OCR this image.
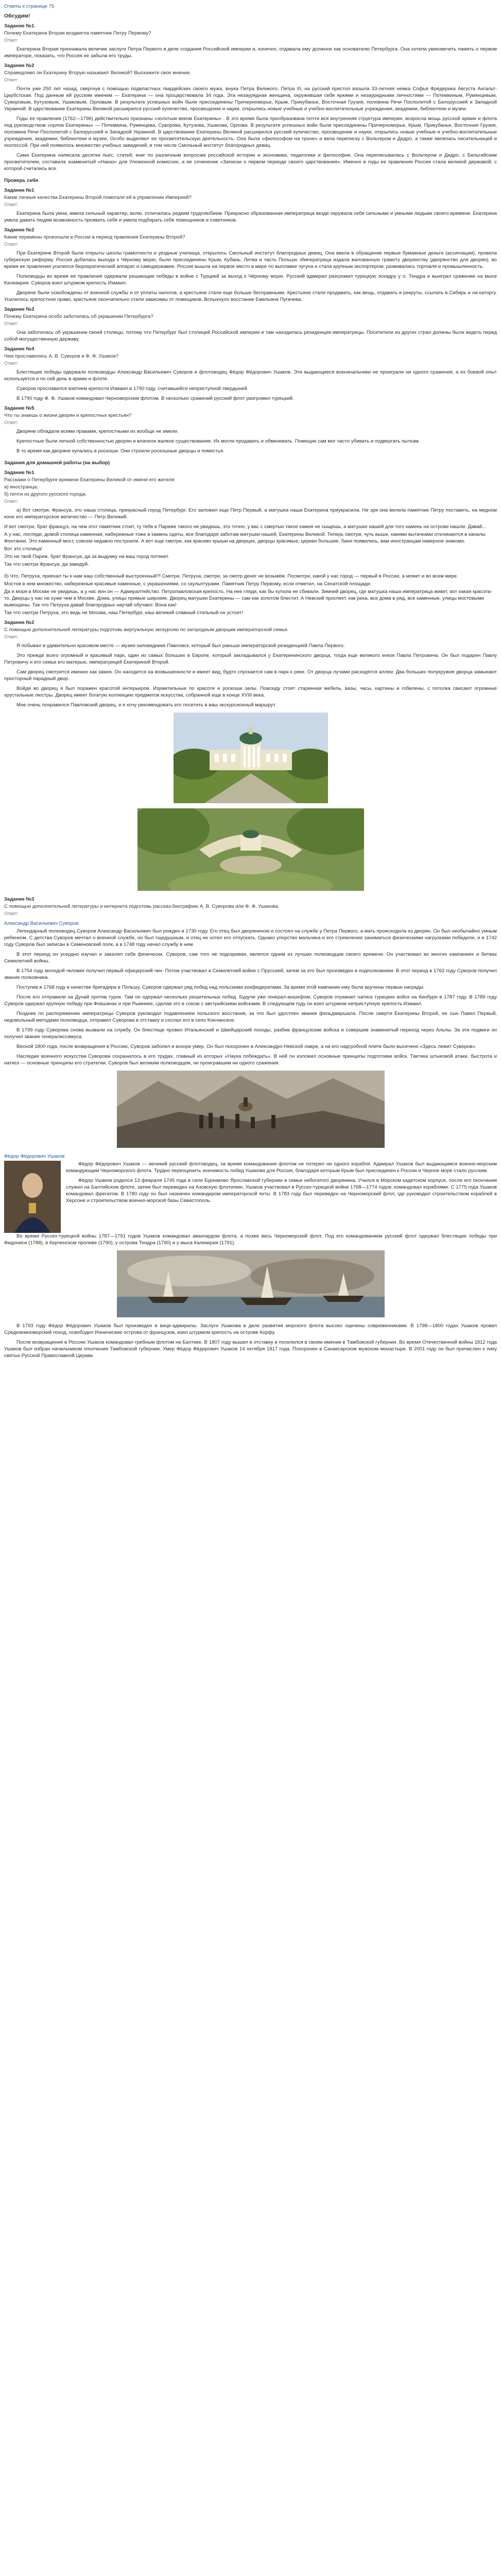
Ответы к странице 75
Обсудим!
Задание №1
Почему Екатерина Вторая воздвигла памятник Петру Первому?
Ответ:

Екатерина Вторая признавала величие заслуги Петра Первого в деле создания Российской империи и, конечно, отдавала ему должное как основателю Петербурга. Она хотела увековечить память о первом императоре, показать, что Россия не забыла его труды.

Задание №2
Справедливо ли Екатерину Вторую называют Великой? Выскажите свое мнение.
Ответ:

Почти уже 250 лет назад, свергнув с помощью подвластных гвардейских своего мужа, внука Петра Великого, Петра III, на русский престол взошла 33-летняя немка Софья Фредерика Августа Ангальт-Цербстская. Под данным ей русским именем — Екатерина — она процарствовала 34 года. Эта незаурядная женщина, окружившая себя яркими и незаурядными личностями — Потемкиным, Румянцевым, Суворовым, Кутузовым, Ушаковым, Орловым. В результате успешных войн были присоединены Причерноморье, Крым, Прикубанье, Восточная Грузия, половина Речи Посполитой с Белоруссией и Западной Украиной. В царствование Екатерины Великой расширился русский купечество, просвещение и науки, открылись новые учебные и учебно-воспитательные учреждения, академии, библиотеки и музеи.

Годы ее правления (1762—1796) действительно признаны «золотым веком Екатерины» . В это время была преобразована почти вся внутренняя структура империи, возросла мощь русской армии и флота под руководством «орлов Екатерины» — Потемкина, Румянцева, Суворова, Кутузова, Ушакова, Орлова. В результате успешных войн были присоединены Причерноморье, Крым, Прикубанье, Восточная Грузия, половина Речи Посполитой с Белоруссией и Западной Украиной. В царствование Екатерины Великой расширился русский купечество, просвещение и науки, открылись новые учебные и учебно-воспитательные учреждения, академии, библиотеки и музеи. Особо выделяют ее просветительскую деятельность. Она была «философом на троне» и вела переписку с Вольтером и Дидро, а также являлась писательницей и поэтессой. При ней появилось множество учебных заведений, в том числе Смольный институт благородных девиц.

Сама Екатерина написала десятки пьес, статей, книг по различным вопросам российской истории и экономики, педагогики и философии. Она переписывалась с Вольтером и Дидро, с Бельгийским просветителем, составила знаменитый «Наказ» для Уложенной комиссии, а ее сочинение «Записки о первом периоде своего царствования». Именно в годы ее правления Россия стала великой державой, с которой считались все.

Проверь себя
Задание №1
Какие личные качества Екатерины Второй помогали ей в управлении Империей?
Ответ:

Екатерина была умна, имела сильный характер, волю, отличалась редким трудолюбием. Прекрасно образованная императрица везде окружала себя сильными и умными людьми своего времени. Екатерина умела давать людям возможность проявить себя и умела подбирать себе помощников и советников.

Задание №2
Какие перемены произошли в России в период правления Екатерины Второй?
Ответ:

При Екатерине Второй были открыты школы грамотности и уездные училища, открылось Смольный институт благородных девиц. Она ввела в обращение первые бумажные деньги (ассигнации), провела губернскую реформу. Россия добилась выхода к Чёрному морю, были присоединены Крым, Кубань, Литва и часть Польши. Императрица издала жалованную грамоту дворянству (дворянство для дворян), во время ее правления усилился бюрократический аппарат и самодержавие. Россия вышла на первое место в мире по выплавке чугуна и стала крупным экспортером, развивались торговля и промышленность.

Полководцы во время ее правления одержали решающие победы в войне с Турцией за выход к Чёрному морю. Русский адмирал разгромил турецкую эскадру у о. Тендра и выиграл сражение на мысе Калиакрия. Суворов взял штурмом крепость Измаил.

Дворяне были освобождены от военной службы и от уплаты налогов, а крестьяне стали еще больше бесправными. Крестьяне стали продавать, как вещь, отдавать в рекруты, ссылать в Сибирь и на каторгу. Усилилось крепостное право, крестьяне окончательно стали зависимы от помещиков. Вспыхнуло восстание Емельяна Пугачева.

Задание №3
Почему Екатерина особо заботилась об украшении Петербурга?
Ответ:

Она заботилась об украшении своей столицы, потому что Петербург был столицей Российской империи и там находилась резиденция императрицы. Посетители из других стран должны были видеть перед собой могущественную державу.

Задание №4
Чем прославились А. В. Суворов и Ф. Ф. Ушаков?
Ответ:

Блестящие победы одержали полководцы Александр Васильевич Суворов и флотоводец Фёдор Фёдорович Ушаков. Эти выдающиеся военачальники не проиграли ни одного сражения, а их боевой опыт используется и по сей день в армии и флоте.

Суворов прославился взятием крепости Измаил в 1790 году, считавшейся неприступной твердыней.

В 1790 году Ф. Ф. Ушаков командовал Черноморским флотом. В несколько сражений русский флот разгромил турецкий.

Задание №5
Что ты знаешь о жизни дворян и крепостных крестьян?
Ответ:

Дворяне обладали всеми правами, крепостными их вообще не имели.

Крепостные были личной собственностью дворян и влачили жалкое существование. Их могли продавать и обменивать. Помещик сам мог часто убивать и подвергать пыткам.

В то время как дворяне купались в роскоши. Они строили роскошные дворцы и поместья.

Задания для домашней работы (на выбор)
Задание №1
Расскажи о Петербурге времени Екатерины Великой от имени его жителя:
а) иностранца;
б) почти из другого русского города.
Ответ:

а) Вот смотри, Франсуа, это наша столица, прекрасный город Петербург. Его заложил еще Петр Первый, а матушка наша Екатерина приукрасила. Не зря она велела памятник Петру поставить, на медном коне его императорское величество — Петр Великий.

И вот смотри, брат француз, на чем этот памятник стоит, ту тебя в Париже такого не увидишь, это точно, у вас с смертью такое камня не сыщешь, а матушке нашей для того камень на острове нашли. Давай...

А у нас, погляди, домой столица каменная, набережные тоже в камень одеты, все благодаря заботам матушки нашей, Екатерины Великой. Теперь смотри, чуть выше, какими вытачками откликаются в каналы Фонтанки. Это каменный мост, совсем недавно построили. А вот еще смотри, как красиво крыши на дворцах, дворцы красивые, церкви большие, бани появились, вам иностранцам наверное знакомо.

Вот это столица!

Это не твой Париж, брат Франсуа, да за выдумку на ваш город потянет.

Так что смотри Франсуа, да завидуй.

б) Что, Петруха, приехал ты к нам наш собственный выстроенный?! Смотри, Петруха, смотри, за смотр денег не возьмём. Посмотри, какой у нас город — первый в России, а может и во всем мире.

Мостов в нем множество, набережные красивые каменные, с украшениями, со скульптурами. Памятник Петру Первому, если отметил, на Сенатской площади.

Да и моря в Москве не увидишь, а у нас вон он — Адмиралтейство. Петропавловская крепость. На нее гляди, как бы купола не сбивали. Зимний дворец, где матушка наша императрица живет, вот какая красота-то. Дворцы у нас не хуже чем в Москве. Дома, улицы прямые широкие. Дворец матушки Екатерины — сам как золотом блестит. А Невский проспект, как река, все дома в ряд, все каменные, улицы мостовыми вымощены. Так что Петруха давай благородных научай обучают. Вона как!

Так что смотри Петруха, это ведь не Москва, наш Петербург, наш великий славный стольный он устоит!

Задание №2
С помощью дополнительной литературы подготовь виртуальную экскурсию по загородным дворцам императорской семьи.
Ответ:

Я побывал в удивительно красивом месте — музее-заповеднике Павловск, который был раньше императорской резиденцией Павла Первого.

Это прежде всего огромный и красивый парк, один из самых больших в Европе, который закладывался у Екатерининского дворца, тогда еще великого князя Павла Петровича. Он был подарен Павлу Петровичу и его семье его матерью, императрицей Екатериной Второй.

Сам дворец смотрится именно как замок. Он находится на возвышенности и имеет вид, будто спускается сам в парк к реке. От дворца лучами расходятся аллеи. Два больших полукружия дворца замыкают просторный парадный двор.

Войдя во дворец я был поражен красотой интерьеров. Изумительные по красоте и роскоши залы. Повсюду стоят старинная мебель, вазы, часы, картины и гобелены, с потолка свисают огромные хрустальные люстры. Дворец имеет богатую коллекцию предметов искусства, собранной еще в конце XVIII века.

Мне очень понравился Павловский дворец, и я хочу рекомендовать его посетить в ваш экскурсионный маршрут.

Задание №3
С помощью дополнительной литературы и интернета подготовь рассказ-биографию А. В. Суворова или Ф. Ф. Ушакова.
Ответ:
Александр Васильевич Суворов

Легендарный полководец Суворов Александр Васильевич был рожден в 1730 году. Его отец был дворянином и состоял на службе у Петра Первого, а мать происходила из дворян. Он был необычайно умным ребенком. С детства Суворов мечтал о военной службе, но был тщедушным, и отец не хотел его отпускать. Однако упорство мальчика и его стремление заниматься физическими нагрузками победили, и в 1742 году Суворов был записан в Семеновский полк, а в 1748 году начал службу в нем.

В этот период он усердно изучал и закалял себя физически. Суворов, сам того не подозревая, являлся одним из лучших полководцев своего времени. Он участвовал во многих кампаниях и битвах Семилетней войны.

В 1754 году молодой человек получил первый офицерский чин. Потом участвовал в Семилетней войне с Пруссией, затем за это был произведен в подполковники. В этот период в 1762 году Суворов получил звание полковника.

Поступив в 1768 году в качестве бригадира в Польшу, Суворов одержал ряд побед над польскими конфедератами. За время этой кампании ему были вручены первые награды.

После его отправили на Дунай против турок. Там он одержал несколько решительных побед. Будучи уже генерал-аншефом, Суворов отражает натиск турецких войск на Кинбурн в 1787 году. В 1789 году Суворов одержал крупную победу при Фокшанах и при Рымнике, сделав это в союзе с австрийскими войсками. В следующем году он взял штурмом неприступную крепость Измаил.

Позднее по распоряжению императрицы Суворов руководил подавлением польского восстания, за что был удостоен звания фельдмаршала. После смерти Екатерины Второй, ее сын Павел Первый, недовольный методами полководца, отправил Суворова в отставку и сослал его в село Кончанское.

В 1799 году Суворова снова вызвали на службу. Он блестяще провел Итальянский и Швейцарский походы, разбив французские войска и совершив знаменитый переход через Альпы. За эти подвиги он получил звание генералиссимуса.

Весной 1800 года, после возвращения в Россию, Суворов заболел и вскоре умер. Он был похоронен в Александро-Невской лавре, а на его надгробной плите было высечено «Здесь лежит Суворов».

Наследие военного искусства Суворова сохранилось в его трудах, главный из которых «Наука побеждать». В ней он изложил основные принципы подготовки войск. Тактика штыковой атаки, быстрота и натиск — основные принципы его стратегии. Суворов был великим полководцем, не проигравшим ни одного сражения.

Фёдор Фёдорович Ушаков

Фёдор Фёдорович Ушаков — великий русский флотоводец, за время командования флотом не потерял ни одного корабля. Адмирал Ушаков был выдающимся военно-морским командующим Черноморского флота. Трудно переоценить значимость побед Ушакова для России, благодаря которым Крым был присоединен к России и Черное море стало русским.

Фёдор Ушаков родился 13 февраля 1745 года в селе Бурнаково Ярославской губернии в семье небогатого дворянина. Учился в Морском кадетском корпусе, после его окончания служил на Балтийском флоте, затем был переведен на Азовскую флотилию. Ушаков участвовал в Русско-турецкой войне 1768—1774 годов, командовал кораблями. С 1775 года Ушаков командовал фрегатом. В 1780 году он был назначен командиром императорской яхты. В 1783 году был переведен на Черноморский флот, где руководил строительством кораблей в Херсоне и строительством военно-морской базы Севастополь.

Во время Русско-турецкой войны 1787—1791 годов Ушаков командовал авангардом флота, а позже весь Черноморский флот. Под его командованием русский флот одержал блестящие победы при Фидониси (1788), в Керченском проливе (1790), у острова Тендра (1790) и у мыса Калиакрия (1791).

В 1793 году Фёдор Фёдорович Ушаков был произведен в вице-адмиралы. Заслуги Ушакова в деле развития морского флота высоко оценены современниками. В 1798—1800 годах Ушаков провел Средиземноморский поход, освободил Ионические острова от французов, взял штурмом крепость на острове Корфу.

После возвращения в Россию Ушаков командовал гребным флотом на Балтике. В 1807 году вышел в отставку и поселился в своем имении в Тамбовской губернии. Во время Отечественной войны 1812 года Ушаков был избран начальником ополчения Тамбовской губернии. Умер Фёдор Фёдорович Ушаков 14 октября 1817 года. Похоронен в Санаксарском мужском монастыре. В 2001 году он был причислен к лику святых Русской Православной Церкви.
